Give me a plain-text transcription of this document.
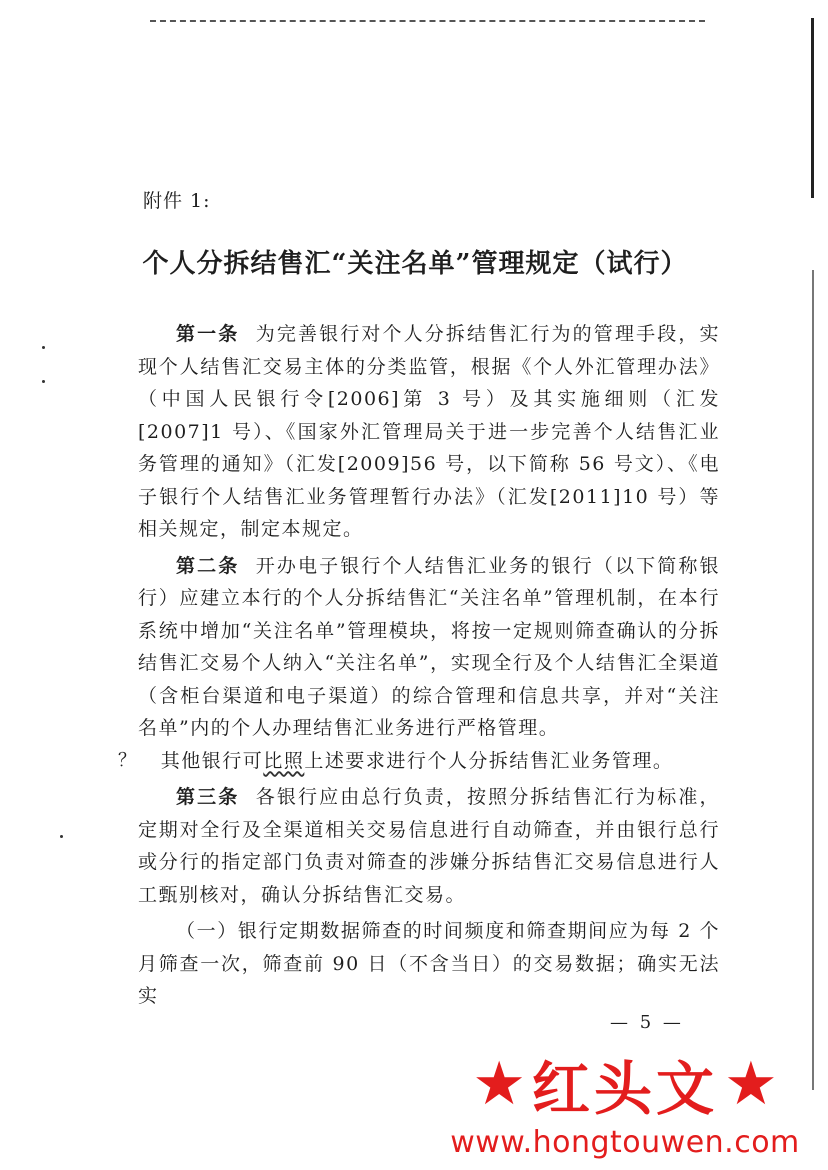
附件 1:
个人分拆结售汇“关注名单”管理规定（试行）

第一条 为完善银行对个人分拆结售汇行为的管理手段，实现个人结售汇交易主体的分类监管，根据《个人外汇管理办法》（中国人民银行令[2006]第 3 号）及其实施细则（汇发[2007]1 号）、《国家外汇管理局关于进一步完善个人结售汇业务管理的通知》（汇发[2009]56 号，以下简称 56 号文）、《电子银行个人结售汇业务管理暂行办法》（汇发[2011]10 号）等相关规定，制定本规定。

第二条 开办电子银行个人结售汇业务的银行（以下简称银行）应建立本行的个人分拆结售汇“关注名单”管理机制，在本行系统中增加“关注名单”管理模块，将按一定规则筛查确认的分拆结售汇交易个人纳入“关注名单”，实现全行及个人结售汇全渠道（含柜台渠道和电子渠道）的综合管理和信息共享，并对“关注名单”内的个人办理结售汇业务进行严格管理。

？ 其他银行可比照上述要求进行个人分拆结售汇业务管理。

第三条 各银行应由总行负责，按照分拆结售汇行为标准，定期对全行及全渠道相关交易信息进行自动筛查，并由银行总行或分行的指定部门负责对筛查的涉嫌分拆结售汇交易信息进行人工甄别核对，确认分拆结售汇交易。

（一）银行定期数据筛查的时间频度和筛查期间应为每 2 个月筛查一次，筛查前 90 日（不含当日）的交易数据；确实无法实

— 5 —
★ 红头文 ★
www.hongtouwen.com
